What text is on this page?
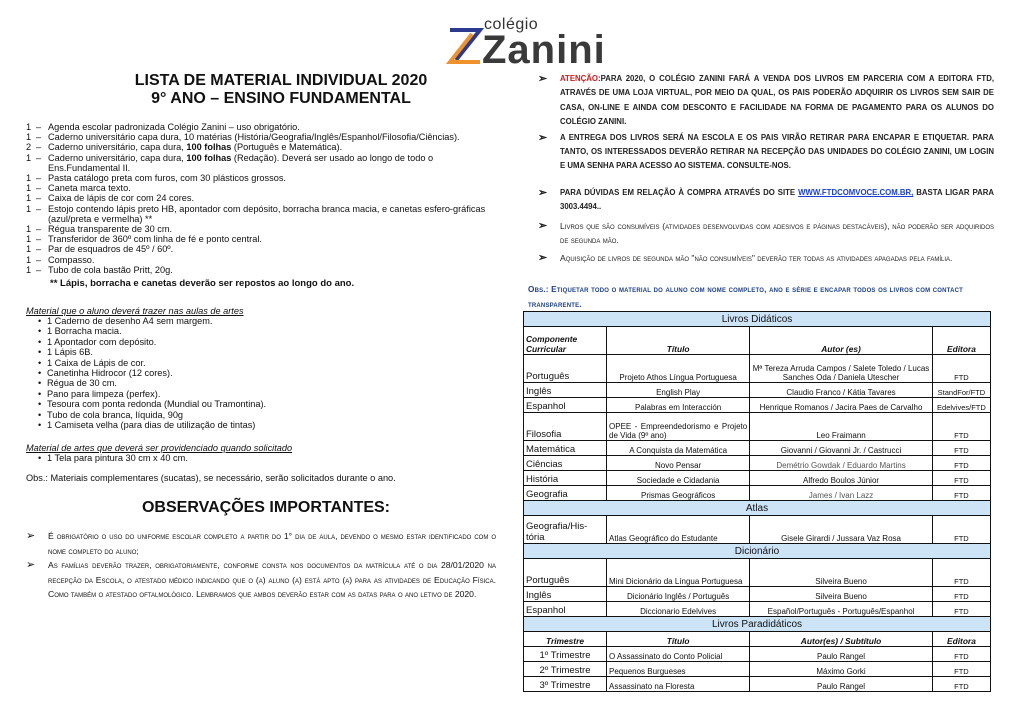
colégio
Zanini
LISTA DE MATERIAL INDIVIDUAL 2020
9° ANO – ENSINO FUNDAMENTAL
1 – Agenda escolar padronizada Colégio Zanini – uso obrigatório.
1 – Caderno universitário capa dura, 10 matérias (História/Geografia/Inglês/Espanhol/Filosofia/Ciências).
2 – Caderno universitário, capa dura, 100 folhas (Português e Matemática).
1 – Caderno universitário, capa dura, 100 folhas (Redação). Deverá ser usado ao longo de todo o Ens.Fundamental II.
1 – Pasta catálogo preta com furos, com 30 plásticos grossos.
1 – Caneta marca texto.
1 – Caixa de lápis de cor com 24 cores.
1 – Estojo contendo lápis preto HB, apontador com depósito, borracha branca macia, e canetas esfero-gráficas (azul/preta e vermelha) **
1 – Régua transparente de 30 cm.
1 – Transferidor de 360º com linha de fé e ponto central.
1 – Par de esquadros de 45º / 60º.
1 – Compasso.
1 – Tubo de cola bastão Pritt, 20g.
** Lápis, borracha e canetas deverão ser repostos ao longo do ano.
Material que o aluno deverá trazer nas aulas de artes
• 1 Caderno de desenho A4 sem margem.
• 1 Borracha macia.
• 1 Apontador com depósito.
• 1 Lápis 6B.
• 1 Caixa de Lápis de cor.
• Canetinha Hidrocor (12 cores).
• Régua de 30 cm.
• Pano para limpeza (perfex).
• Tesoura com ponta redonda (Mundial ou Tramontina).
• Tubo de cola branca, líquida, 90g
• 1 Camiseta velha (para dias de utilização de tintas)
Material de artes que deverá ser providenciado quando solicitado
• 1 Tela para pintura 30 cm x 40 cm.
Obs.: Materiais complementares (sucatas), se necessário, serão solicitados durante o ano.
OBSERVAÇÕES IMPORTANTES:
➢	É obrigatório o uso do uniforme escolar completo a partir do 1° dia de aula, devendo o mesmo estar identificado com o nome completo do aluno;
➢	As famílias deverão trazer, obrigatoriamente, conforme consta nos documentos da matrícula até o dia 28/01/2020 na recepção da Escola, o atestado médico indicando que o (a) aluno (a) está apto (a) para as atividades de Educação Física. Como também o atestado oftalmológico. Lembramos que ambos deverão estar com as datas para o ano letivo de 2020.
➢	ATENÇÃO:PARA 2020, O COLÉGIO ZANINI FARÁ A VENDA DOS LIVROS EM PARCERIA COM A EDITORA FTD, ATRAVÉS DE UMA LOJA VIRTUAL, POR MEIO DA QUAL, OS PAIS PODERÃO ADQUIRIR OS LIVROS SEM SAIR DE CASA, ON-LINE E AINDA COM DESCONTO E FACILIDADE NA FORMA DE PAGAMENTO PARA OS ALUNOS DO COLÉGIO ZANINI.
➢	A ENTREGA DOS LIVROS SERÁ NA ESCOLA E OS PAIS VIRÃO RETIRAR PARA ENCAPAR E ETIQUETAR. PARA TANTO, OS INTERESSADOS DEVERÃO RETIRAR NA RECEPÇÃO DAS UNIDADES DO COLÉGIO ZANINI, UM LOGIN E UMA SENHA PARA ACESSO AO SISTEMA. CONSULTE-NOS.
➢	PARA DÚVIDAS EM RELAÇÃO À COMPRA ATRAVÉS DO SITE WWW.FTDCOMVOCE.COM.BR, BASTA LIGAR PARA 3003.4494..
➢	Livros que são consumíveis (atividades desenvolvidas com adesivos e páginas destacáveis), não poderão ser adquiridos de segunda mão.
➢	Aquisição de livros de segunda mão "não consumíveis" deverão ter todas as atividades apagadas pela família.
Obs.: Etiquetar todo o material do aluno com nome completo, ano e série e encapar todos os livros com contact transparente.
Livros Didáticos			
Componente Curricular	Título	Autor (es)	Editora
Português	Projeto Athos Língua Portuguesa	Mª Tereza Arruda Campos / Salete Toledo / Lucas Sanches Oda / Daniela Utescher	FTD
Inglês	English Play	Claudio Franco / Kátia Tavares	StandFor/FTD
Espanhol	Palabras em Interacción	Henrique Romanos / Jacira Paes de Carvalho	Edelvives/FTD
Filosofia	OPEE - Empreendedorismo e Projeto de Vida (9º ano)	Leo Fraimann	FTD
Matemática	A Conquista da Matemática	Giovanni / Giovanni Jr. / Castrucci	FTD
Ciências	Novo Pensar	Demétrio Gowdak / Eduardo Martins	FTD
História	Sociedade e Cidadania	Alfredo Boulos Júnior	FTD
Geografia	Prismas Geográficos	James / Ivan Lazz	FTD
Atlas			
Geografia/His-tória	Atlas Geográfico do Estudante	Gisele Girardi / Jussara Vaz Rosa	FTD
Dicionário			
Português	Mini Dicionário da Língua Portuguesa	Silveira Bueno	FTD
Inglês	Dicionário Inglês / Português	Silveira Bueno	FTD
Espanhol	Diccionario Edelvives	Español/Português - Português/Espanhol	FTD
Livros Paradidáticos			
Trimestre	Título	Autor(es) / Subtítulo	Editora
1º Trimestre	O Assassinato do Conto Policial	Paulo Rangel	FTD
2º Trimestre	Pequenos Burgueses	Máximo Gorki	FTD
3º Trimestre	Assassinato na Floresta	Paulo Rangel	FTD
